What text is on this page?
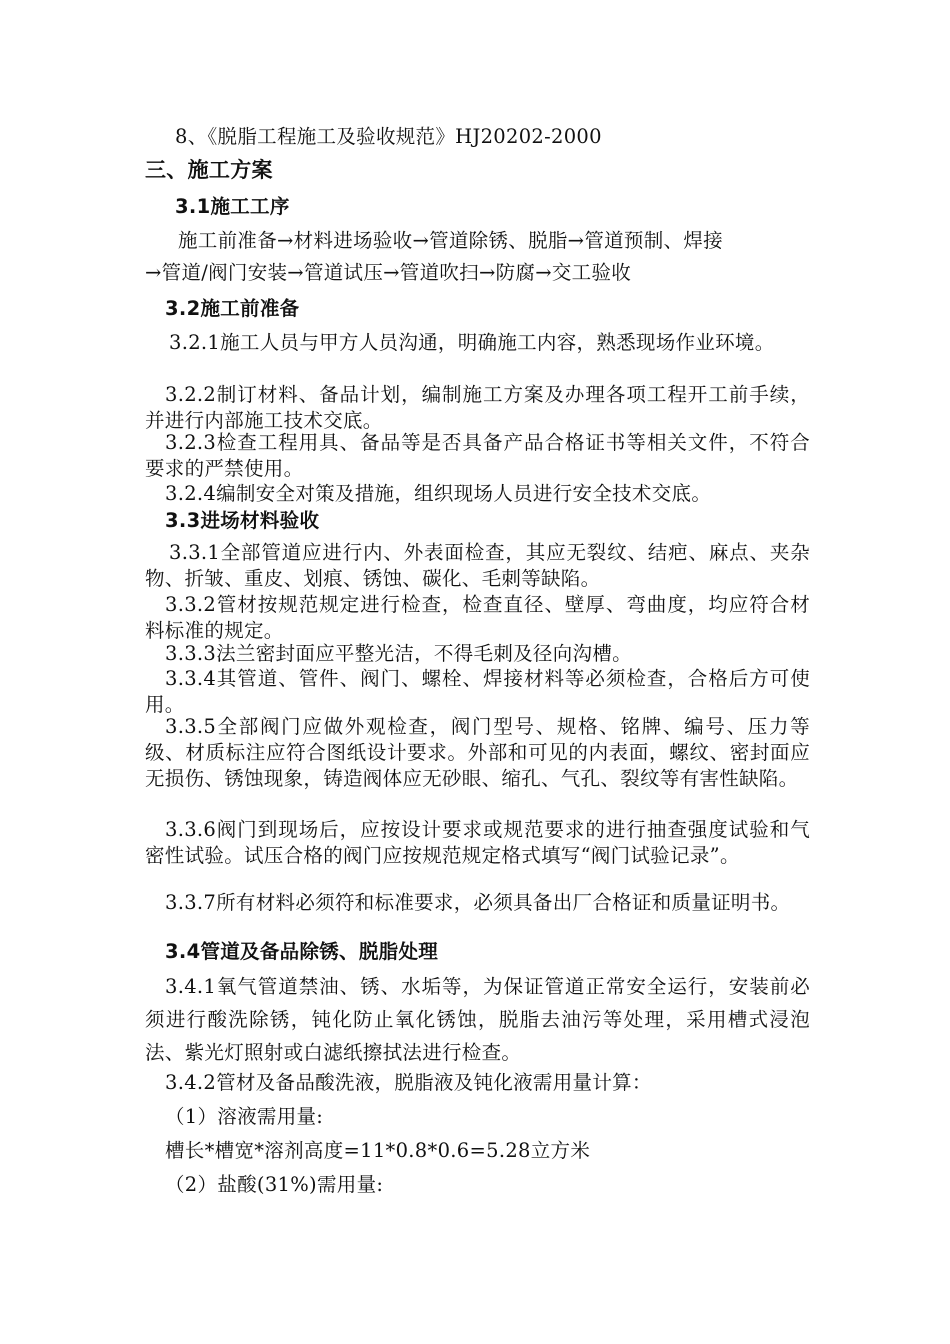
8、《脱脂工程施工及验收规范》HJ20202-2000
三、施工方案
3.1施工工序
施工前准备→材料进场验收→管道除锈、脱脂→管道预制、焊接
→管道/阀门安装→管道试压→管道吹扫→防腐→交工验收
3.2施工前准备
3.2.1施工人员与甲方人员沟通，明确施工内容，熟悉现场作业环境。
3.2.2制订材料、备品计划，编制施工方案及办理各项工程开工前手续，并进行内部施工技术交底。
3.2.3检查工程用具、备品等是否具备产品合格证书等相关文件，不符合要求的严禁使用。
3.2.4编制安全对策及措施，组织现场人员进行安全技术交底。
3.3进场材料验收
3.3.1全部管道应进行内、外表面检查，其应无裂纹、结疤、麻点、夹杂物、折皱、重皮、划痕、锈蚀、碳化、毛刺等缺陷。
3.3.2管材按规范规定进行检查，检查直径、壁厚、弯曲度，均应符合材料标准的规定。
3.3.3法兰密封面应平整光洁，不得毛刺及径向沟槽。
3.3.4其管道、管件、阀门、螺栓、焊接材料等必须检查，合格后方可使用。
3.3.5全部阀门应做外观检查，阀门型号、规格、铭牌、编号、压力等级、材质标注应符合图纸设计要求。外部和可见的内表面，螺纹、密封面应无损伤、锈蚀现象，铸造阀体应无砂眼、缩孔、气孔、裂纹等有害性缺陷。
3.3.6阀门到现场后，应按设计要求或规范要求的进行抽查强度试验和气密性试验。试压合格的阀门应按规范规定格式填写“阀门试验记录”。
3.3.7所有材料必须符和标准要求，必须具备出厂合格证和质量证明书。
3.4管道及备品除锈、脱脂处理
3.4.1氧气管道禁油、锈、水垢等，为保证管道正常安全运行，安装前必须进行酸洗除锈，钝化防止氧化锈蚀，脱脂去油污等处理，采用槽式浸泡法、紫光灯照射或白滤纸擦拭法进行检查。
3.4.2管材及备品酸洗液，脱脂液及钝化液需用量计算：
（1）溶液需用量:
槽长*槽宽*溶剂高度=11*0.8*0.6=5.28立方米
（2）盐酸(31%)需用量:
